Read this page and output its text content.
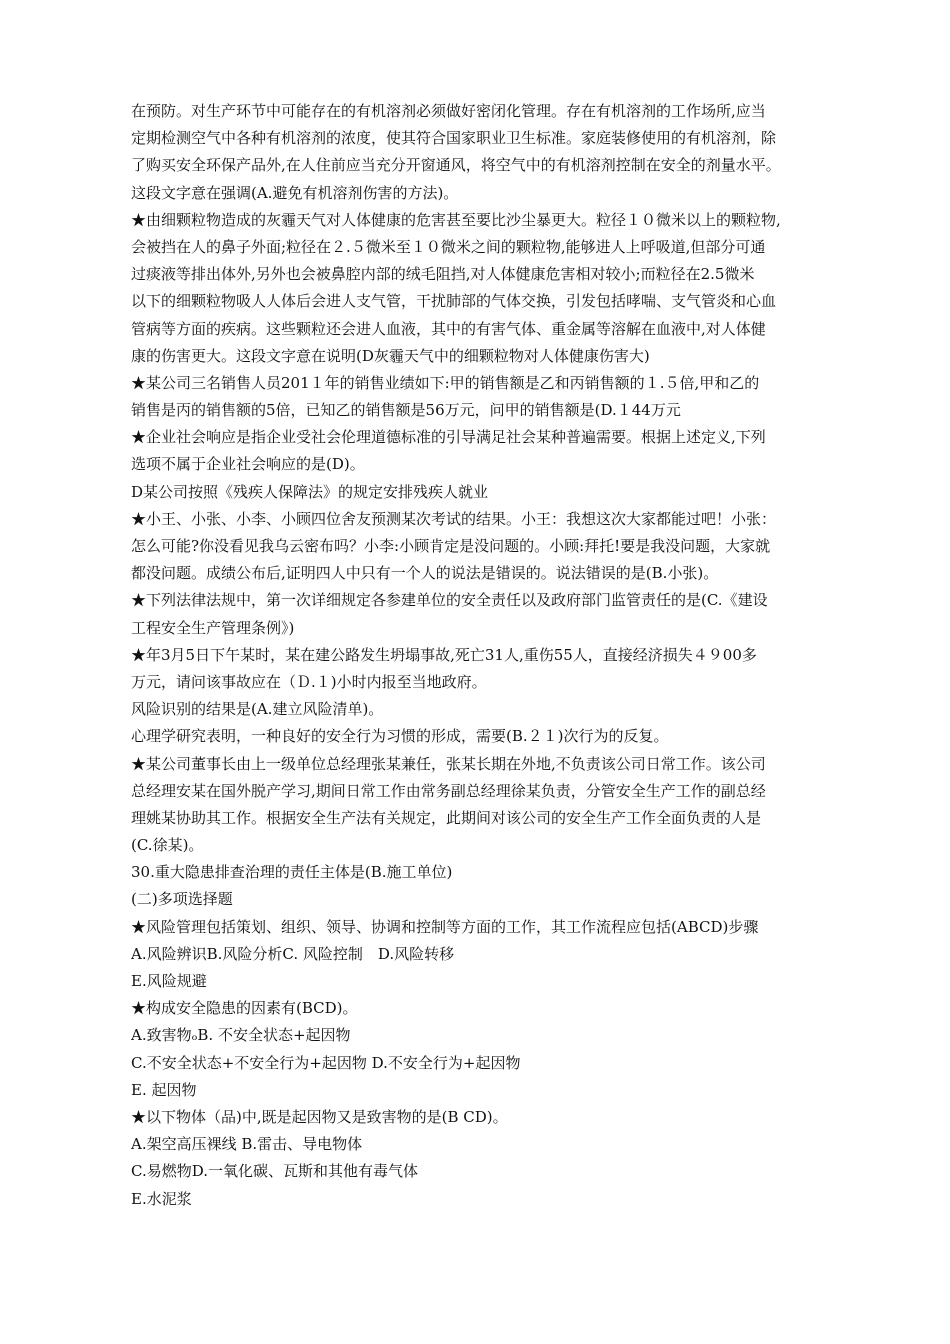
在预防。对生产环节中可能存在的有机溶剂必须做好密闭化管理。存在有机溶剂的工作场所,应当
定期检测空气中各种有机溶剂的浓度，使其符合国家职业卫生标准。家庭装修使用的有机溶剂，除
了购买安全环保产品外,在人住前应当充分开窗通风，将空气中的有机溶剂控制在安全的剂量水平。
这段文字意在强调(A.避免有机溶剂伤害的方法)。
★由细颗粒物造成的灰霾天气对人体健康的危害甚至要比沙尘暴更大。粒径１０微米以上的颗粒物,
会被挡在人的鼻子外面;粒径在２.５微米至１０微米之间的颗粒物,能够进人上呼吸道,但部分可通
过痰液等排出体外,另外也会被鼻腔内部的绒毛阻挡,对人体健康危害相对较小;而粒径在2.5微米
以下的细颗粒物吸人人体后会进人支气管，干扰肺部的气体交换，引发包括哮喘、支气管炎和心血
管病等方面的疾病。这些颗粒还会进人血液，其中的有害气体、重金属等溶解在血液中,对人体健
康的伤害更大。这段文字意在说明(D灰霾天气中的细颗粒物对人体健康伤害大)
★某公司三名销售人员201１年的销售业绩如下:甲的销售额是乙和丙销售额的１.５倍,甲和乙的
销售是丙的销售额的5倍，已知乙的销售额是56万元，问甲的销售额是(D.１44万元
★企业社会响应是指企业受社会伦理道德标准的引导满足社会某种普遍需要。根据上述定义,下列
选项不属于企业社会响应的是(D)。
D某公司按照《残疾人保障法》的规定安排残疾人就业
★小王、小张、小李、小顾四位舍友预测某次考试的结果。小王：我想这次大家都能过吧！小张：
怎么可能?你没看见我乌云密布吗？小李:小顾肯定是没问题的。小顾:拜托!要是我没问题，大家就
都没问题。成绩公布后,证明四人中只有一个人的说法是错误的。说法错误的是(B.小张)。
★下列法律法规中，第一次详细规定各参建单位的安全责任以及政府部门监管责任的是(C.《建设
工程安全生产管理条例》)
★年3月5日下午某时，某在建公路发生坍塌事故,死亡31人,重伤55人，直接经济损失４９00多
万元，请问该事故应在（Ｄ.１)小时内报至当地政府。
风险识别的结果是(A.建立风险清单)。
心理学研究表明，一种良好的安全行为习惯的形成，需要(B.２１)次行为的反复。
★某公司董事长由上一级单位总经理张某兼任，张某长期在外地,不负责该公司日常工作。该公司
总经理安某在国外脱产学习,期间日常工作由常务副总经理徐某负责，分管安全生产工作的副总经
理姚某协助其工作。根据安全生产法有关规定，此期间对该公司的安全生产工作全面负责的人是
(C.徐某)。
30.重大隐患排查治理的责任主体是(B.施工单位)
(二)多项选择题
★风险管理包括策划、组织、领导、协调和控制等方面的工作，其工作流程应包括(ABCD)步骤
A.风险辨识B.风险分析C. 风险控制　D.风险转移
E.风险规避
★构成安全隐患的因素有(BCD)。
A.致害物ₒB. 不安全状态+起因物
C.不安全状态+不安全行为+起因物 D.不安全行为+起因物
E. 起因物
★以下物体（品)中,既是起因物又是致害物的是(B CD)。
A.架空高压裸线 B.雷击、导电物体
C.易燃物D.一氧化碳、瓦斯和其他有毒气体
E.水泥浆
